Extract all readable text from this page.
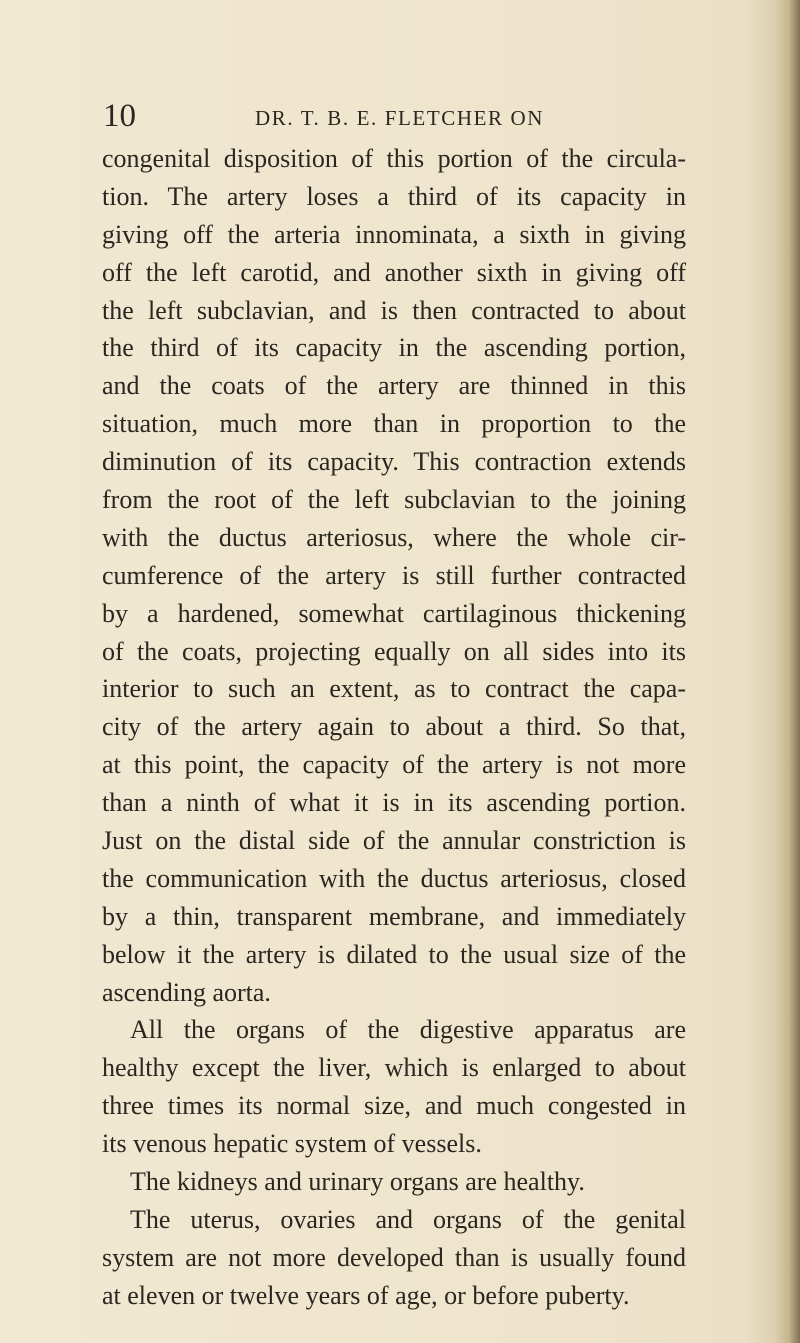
10	DR. T. B. E. FLETCHER ON
congenital disposition of this portion of the circula-
tion. The artery loses a third of its capacity in
giving off the arteria innominata, a sixth in giving
off the left carotid, and another sixth in giving off
the left subclavian, and is then contracted to about
the third of its capacity in the ascending portion,
and the coats of the artery are thinned in this
situation, much more than in proportion to the
diminution of its capacity. This contraction extends
from the root of the left subclavian to the joining
with the ductus arteriosus, where the whole cir-
cumference of the artery is still further contracted
by a hardened, somewhat cartilaginous thickening
of the coats, projecting equally on all sides into its
interior to such an extent, as to contract the capa-
city of the artery again to about a third. So that,
at this point, the capacity of the artery is not more
than a ninth of what it is in its ascending portion.
Just on the distal side of the annular constriction is
the communication with the ductus arteriosus, closed
by a thin, transparent membrane, and immediately
below it the artery is dilated to the usual size of the
ascending aorta.
All the organs of the digestive apparatus are
healthy except the liver, which is enlarged to about
three times its normal size, and much congested in
its venous hepatic system of vessels.
The kidneys and urinary organs are healthy.
The uterus, ovaries and organs of the genital
system are not more developed than is usually found
at eleven or twelve years of age, or before puberty.
